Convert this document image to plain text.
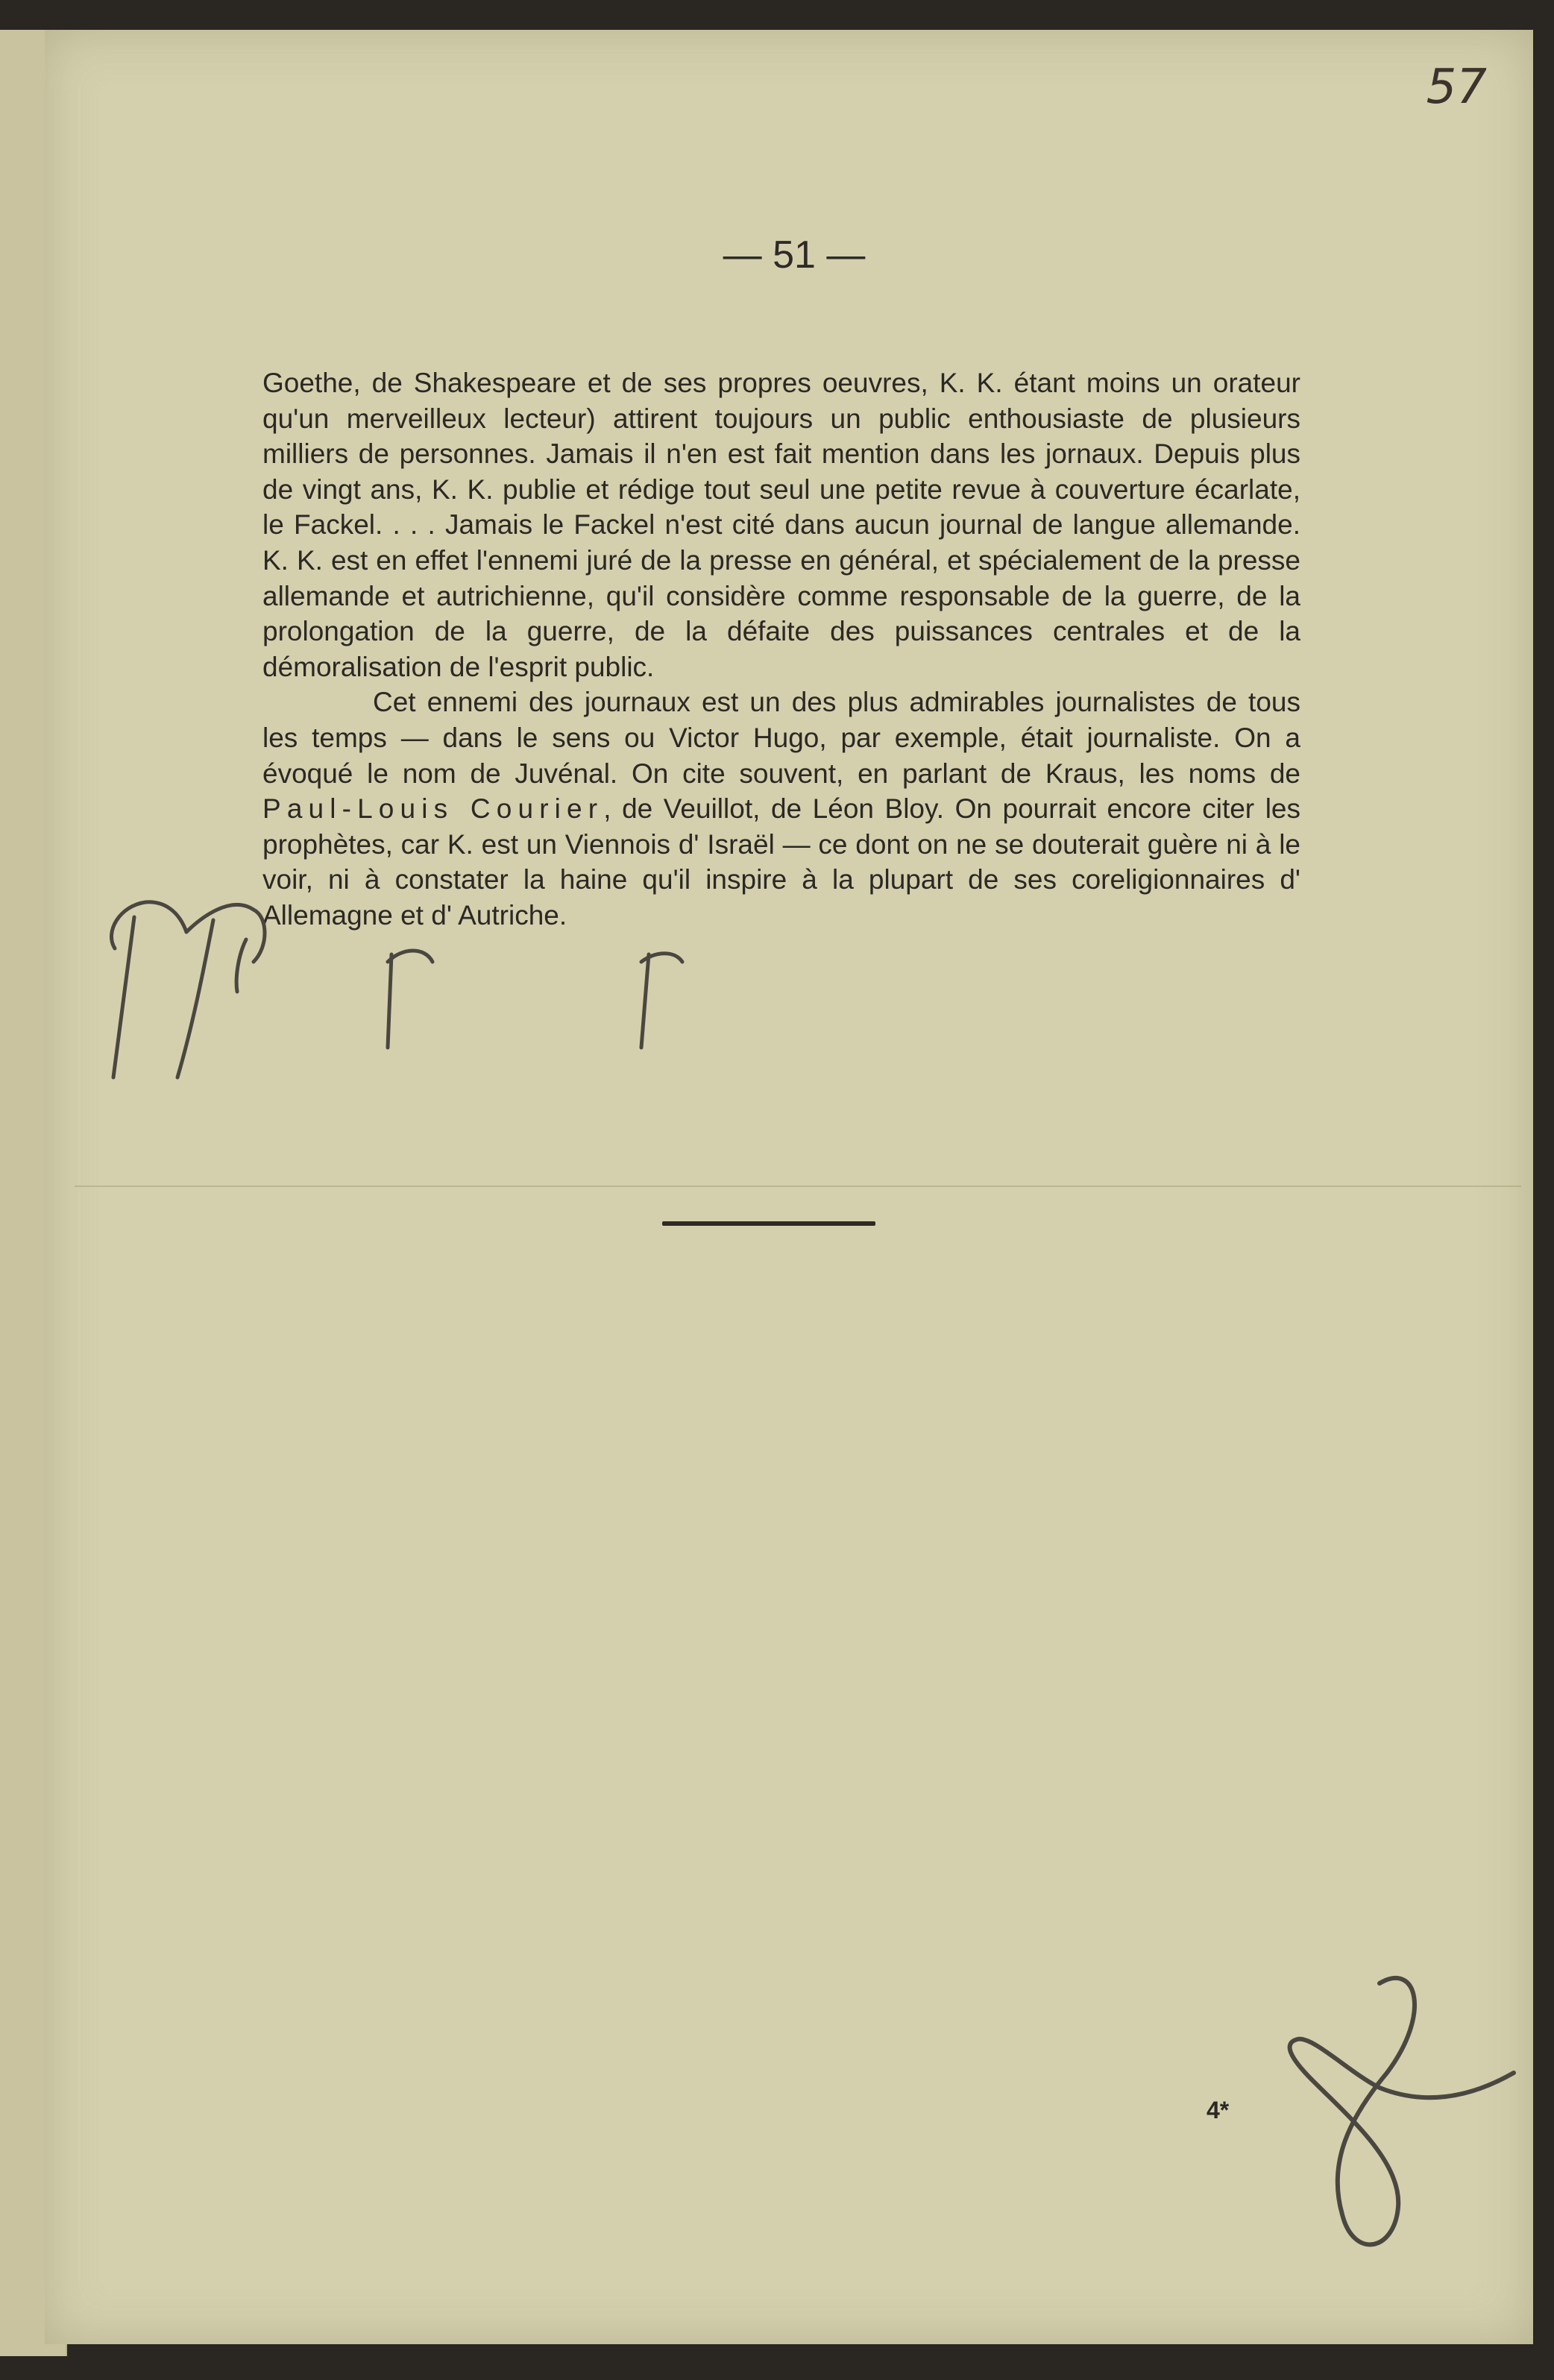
57
— 51 —

Goethe, de Shakespeare et de ses propres oeuvres, K. K. étant moins un orateur qu'un merveilleux lecteur) attirent toujours un public enthousiaste de plusieurs milliers de personnes. Jamais il n'en est fait mention dans les jornaux. Depuis plus de vingt ans, K. K. publie et rédige tout seul une petite revue à couverture écarlate, le Fackel. . . . Jamais le Fackel n'est cité dans aucun journal de langue allemande. K. K. est en effet l'ennemi juré de la presse en général, et spécialement de la presse allemande et autrichienne, qu'il considère comme responsable de la guerre, de la prolongation de la guerre, de la défaite des puissances centrales et de la démoralisation de l'esprit public.

Cet ennemi des journaux est un des plus admirables journalistes de tous les temps — dans le sens ou Victor Hugo, par exemple, était journaliste. On a évoqué le nom de Juvénal. On cite souvent, en parlant de Kraus, les noms de Paul-Louis Courier, de Veuillot, de Léon Bloy. On pourrait encore citer les prophètes, car K. est un Viennois d' Israël — ce dont on ne se douterait guère ni à le voir, ni à constater la haine qu'il inspire à la plupart de ses coreligionnaires d' Allemagne et d' Autriche.

4*
